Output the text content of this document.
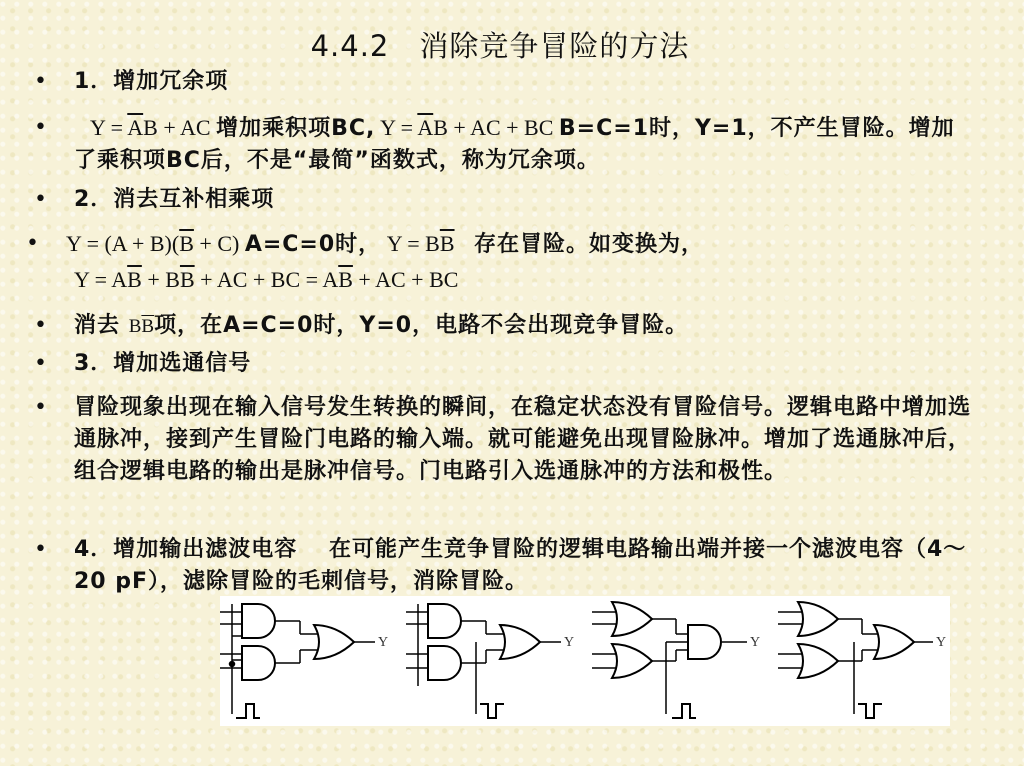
4.4.2　消除竞争冒险的方法
• 1．增加冗余项
• $Y = \overline{A}B$ + AC 增加乘积项BC, $Y = \overline{A}B$ + AC + BC B=C=1时，Y=1，不产生冒险。增加了乘积项BC后，不是“最简”函数式，称为冗余项。
• 2．消去互补相乘项
• $Y = (A + B)(\overline{B} + C)$ A=C=0时， $Y = B\overline{B}$ 存在冒险。如变换为，
$Y = A\overline{B} + B\overline{B}$ + AC + BC = $A\overline{B}$ + AC + BC
• 消去 $B\overline{B}$项，在A=C=0时，Y=0，电路不会出现竞争冒险。
• 3．增加选通信号
• 冒险现象出现在输入信号发生转换的瞬间，在稳定状态没有冒险信号。逻辑电路中增加选通脉冲，接到产生冒险门电路的输入端。就可能避免出现冒险脉冲。增加了选通脉冲后，组合逻辑电路的输出是脉冲信号。门电路引入选通脉冲的方法和极性。
• 4．增加输出滤波电容　 在可能产生竞争冒险的逻辑电路输出端并接一个滤波电容（4～20 pF），滤除冒险的毛刺信号，消除冒险。
Y	Y	Y	Y
